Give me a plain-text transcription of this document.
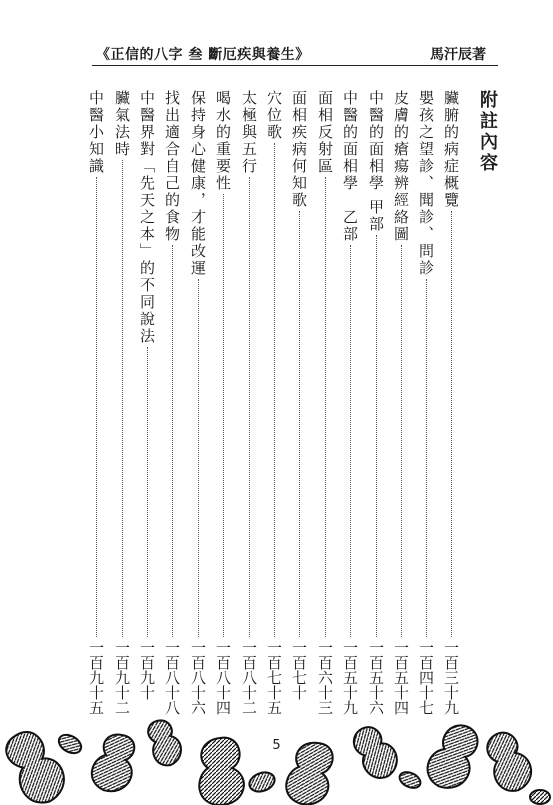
《正信的八字 叁 斷厄疾與養生》	馬汗辰著
附註內容
臟腑的病症概覽
一百三十九
嬰孩之望診、聞診、問診
一百四十七
皮膚的瘡瘍辨經絡圖
一百五十四
中醫的面相學 甲部
一百五十六
中醫的面相學　乙部
一百五十九
面相反射區
一百六十三
面相疾病何知歌
一百七十
穴位歌
一百七十五
太極與五行
一百八十二
喝水的重要性
一百八十四
保持身心健康，才能改運
一百八十六
找出適合自己的食物
一百八十八
中醫界對「先天之本」的不同說法
一百九十
臟氣法時
一百九十二
中醫小知識
一百九十五
5
